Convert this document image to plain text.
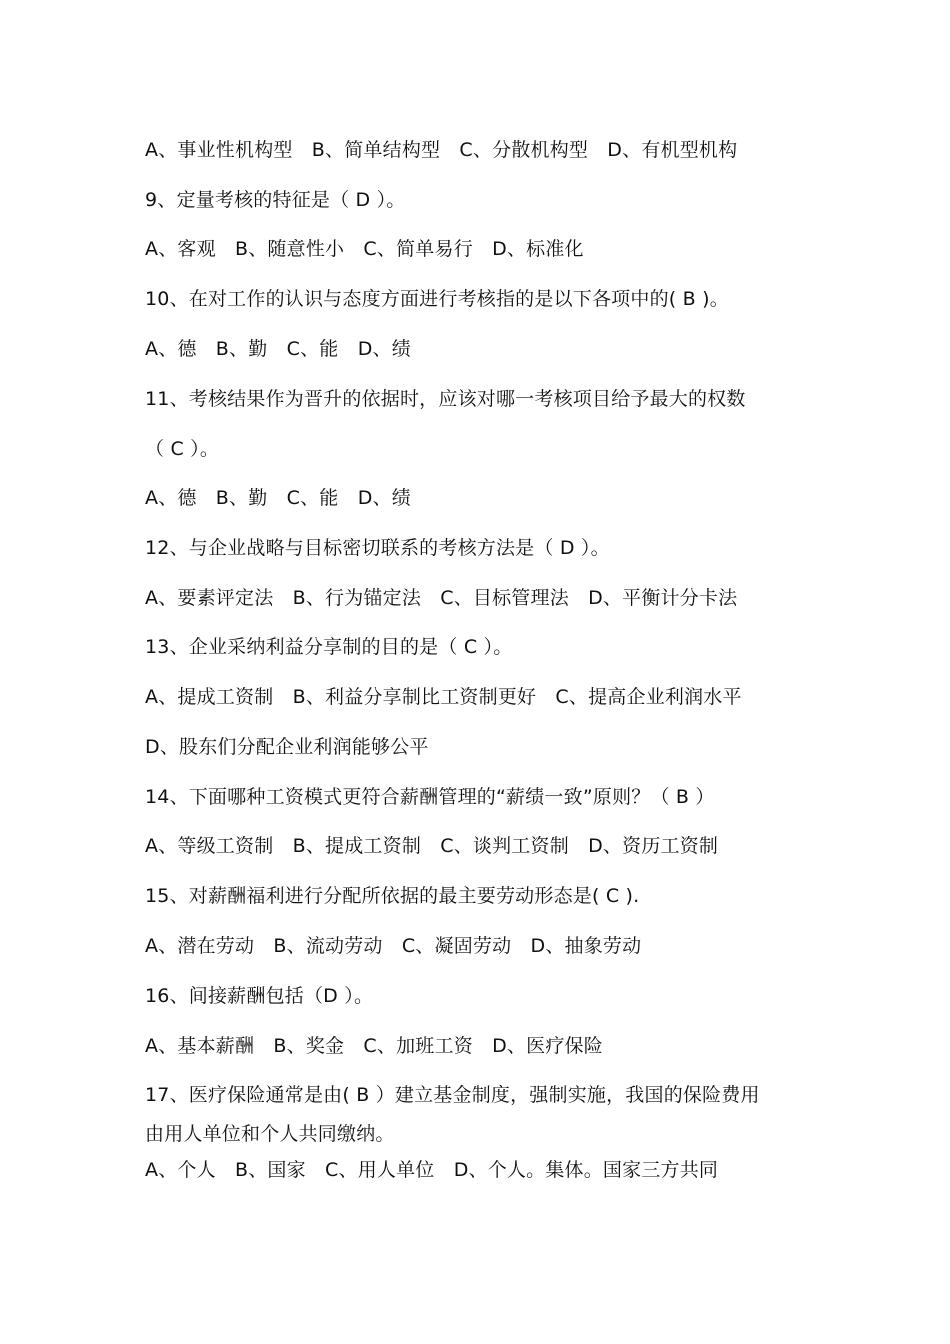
A、事业性机构型　B、简单结构型　C、分散机构型　D、有机型机构
9、定量考核的特征是（ D ）。
A、客观　B、随意性小　C、简单易行　D、标准化
10、在对工作的认识与态度方面进行考核指的是以下各项中的( B )。
A、德　B、勤　C、能　D、绩
11、考核结果作为晋升的依据时，应该对哪一考核项目给予最大的权数
（ C ）。
A、德　B、勤　C、能　D、绩
12、与企业战略与目标密切联系的考核方法是（ D ）。
A、要素评定法　B、行为锚定法　C、目标管理法　D、平衡计分卡法
13、企业采纳利益分享制的目的是（ C ）。
A、提成工资制　B、利益分享制比工资制更好　C、提高企业利润水平
D、股东们分配企业利润能够公平
14、下面哪种工资模式更符合薪酬管理的“薪绩一致”原则？（ B ）
A、等级工资制　B、提成工资制　C、谈判工资制　D、资历工资制
15、对薪酬福利进行分配所依据的最主要劳动形态是( C ).
A、潜在劳动　B、流动劳动　C、凝固劳动　D、抽象劳动
16、间接薪酬包括（D ）。
A、基本薪酬　B、奖金　C、加班工资　D、医疗保险
17、医疗保险通常是由( B ）建立基金制度，强制实施，我国的保险费用
由用人单位和个人共同缴纳。
A、个人　B、国家　C、用人单位　D、个人。集体。国家三方共同
